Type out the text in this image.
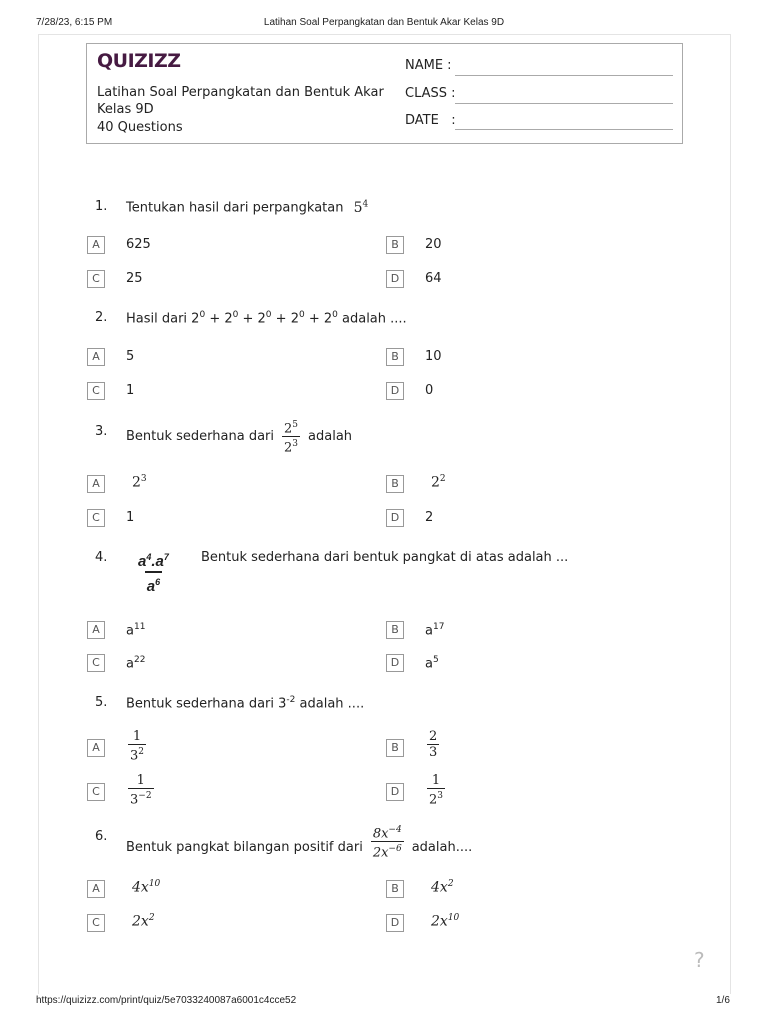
7/28/23, 6:15 PM	Latihan Soal Perpangkatan dan Bentuk Akar Kelas 9D
QUIZIZZ
Latihan Soal Perpangkatan dan Bentuk Akar Kelas 9D
40 Questions
NAME :
CLASS :
DATE   :
1. Tentukan hasil dari perpangkatan $5^4$
A	625	B	20
C	25	D	64
2. Hasil dari $2^0 + 2^0 + 2^0 + 2^0 + 2^0$ adalah ....
A	5	B	10
C	1	D	0
3. Bentuk sederhana dari $\frac{2^5}{2^3}$ adalah
A	$2^3$	B	$2^2$
C	1	D	2
4. $\frac{a^4.a^7}{a^6}$ Bentuk sederhana dari bentuk pangkat di atas adalah ...
A	$a^{11}$	B	$a^{17}$
C	$a^{22}$	D	$a^5$
5. Bentuk sederhana dari $3^{-2}$ adalah ....
A	$\frac{1}{3^2}$	B	$\frac{2}{3}$
C	$\frac{1}{3^{-2}}$	D	$\frac{1}{2^3}$
6.
Bentuk pangkat bilangan positif dari $\frac{8x^{-4}}{2x^{-6}}$ adalah....
A	$4x^{10}$	B	$4x^2$
C	$2x^2$	D	$2x^{10}$
?
https://quizizz.com/print/quiz/5e7033240087a6001c4cce52	1/6
